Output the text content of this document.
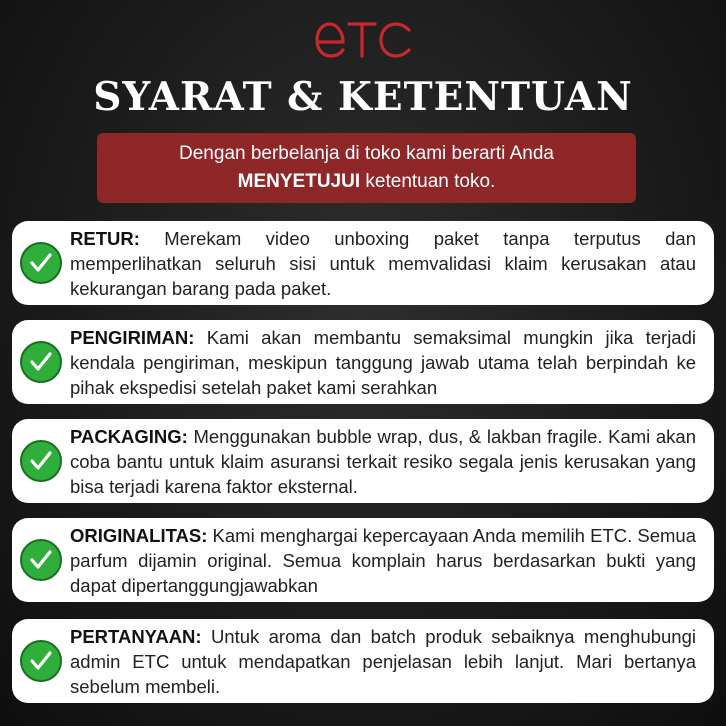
SYARAT & KETENTUAN
Dengan berbelanja di toko kami berarti Anda
MENYETUJUI ketentuan toko.
RETUR: Merekam video unboxing paket tanpa terputus dan memperlihatkan seluruh sisi untuk memvalidasi klaim kerusakan atau kekurangan barang pada paket.
PENGIRIMAN: Kami akan membantu semaksimal mungkin jika terjadi kendala pengiriman, meskipun tanggung jawab utama telah berpindah ke pihak ekspedisi setelah paket kami serahkan
PACKAGING: Menggunakan bubble wrap, dus, & lakban fragile. Kami akan coba bantu untuk klaim asuransi terkait resiko segala jenis kerusakan yang bisa terjadi karena faktor eksternal.
ORIGINALITAS: Kami menghargai kepercayaan Anda memilih ETC. Semua parfum dijamin original. Semua komplain harus berdasarkan bukti yang dapat dipertanggungjawabkan
PERTANYAAN: Untuk aroma dan batch produk sebaiknya menghubungi admin ETC untuk mendapatkan penjelasan lebih lanjut. Mari bertanya sebelum membeli.
